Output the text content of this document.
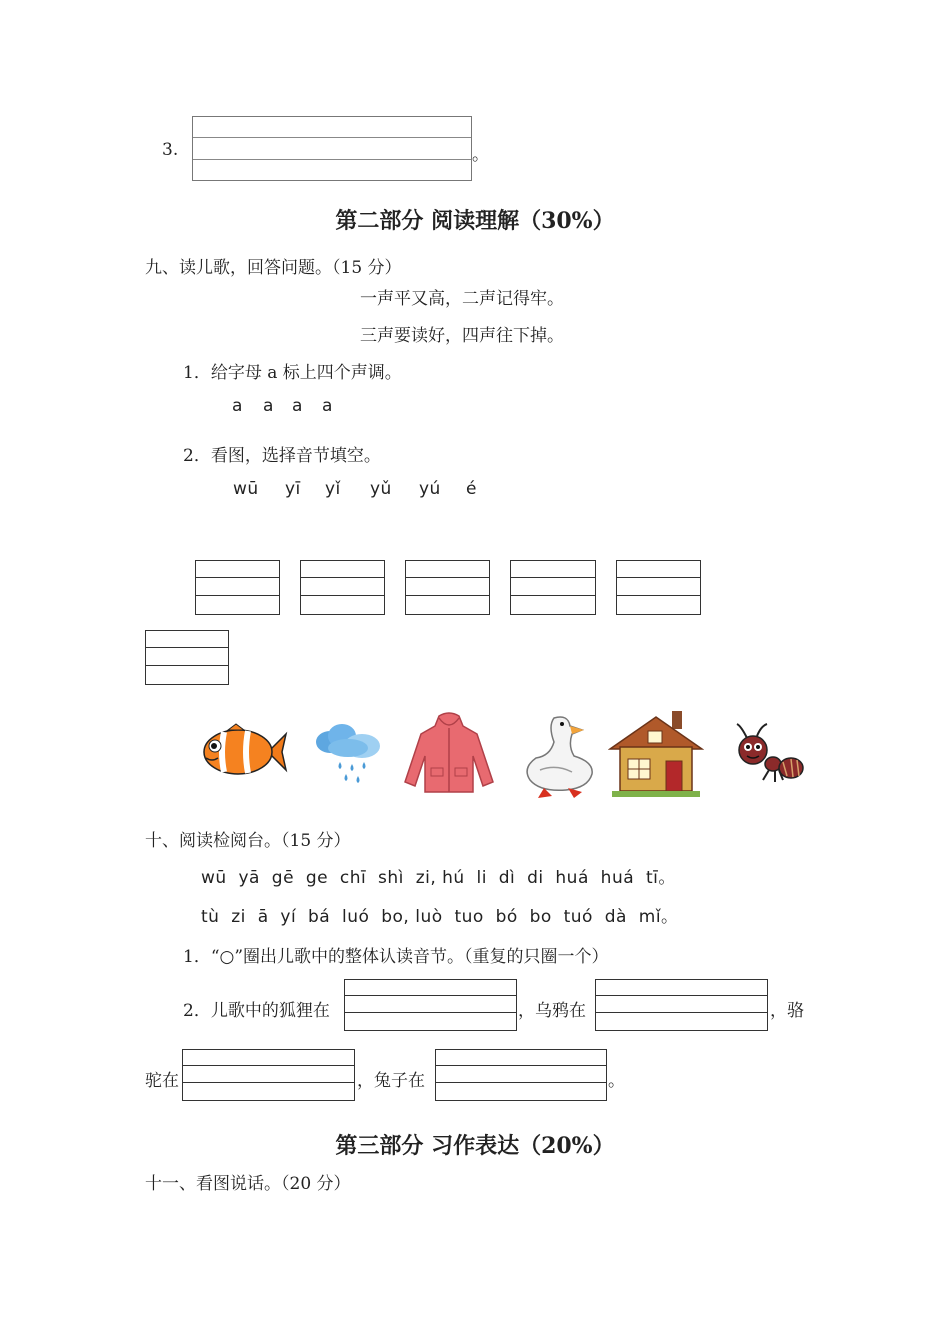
3.	。
第二部分 阅读理解（30%）
九、读儿歌，回答问题。（15 分）
一声平又高，二声记得牢。
三声要读好，四声往下掉。
1．给字母 a 标上四个声调。
a a a a
2．看图，选择音节填空。
wū yī yǐ yǔ yú é
十、阅读检阅台。（15 分）
wū  yā  gē  ge  chī  shì  zi, hú  li  dì  di  huá  huá  tī。
tù  zi  ā  yí  bá  luó  bo, luò  tuo  bó  bo  tuó  dà  mǐ。
1．“○”圈出儿歌中的整体认读音节。（重复的只圈一个）
2．儿歌中的狐狸在	，乌鸦在	，骆
驼在	，兔子在	。
第三部分 习作表达（20%）
十一、看图说话。（20 分）
